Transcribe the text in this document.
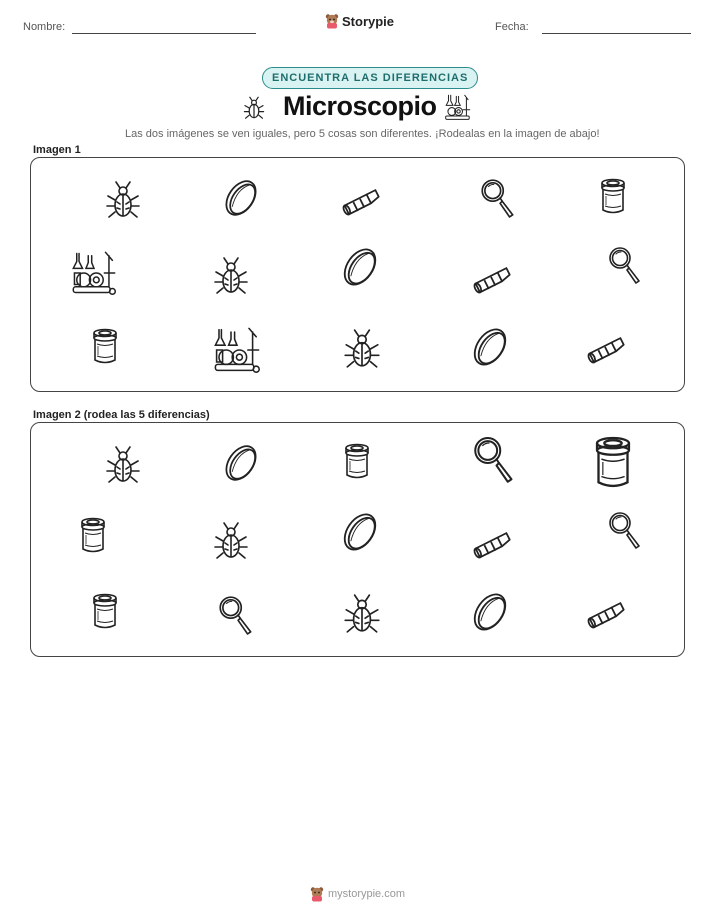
Nombre:	Storypie	Fecha:
ENCUENTRA LAS DIFERENCIAS
Microscopio
Las dos imágenes se ven iguales, pero 5 cosas son diferentes. ¡Rodealas en la imagen de abajo!
Imagen 1
Imagen 2 (rodea las 5 diferencias)
mystorypie.com
